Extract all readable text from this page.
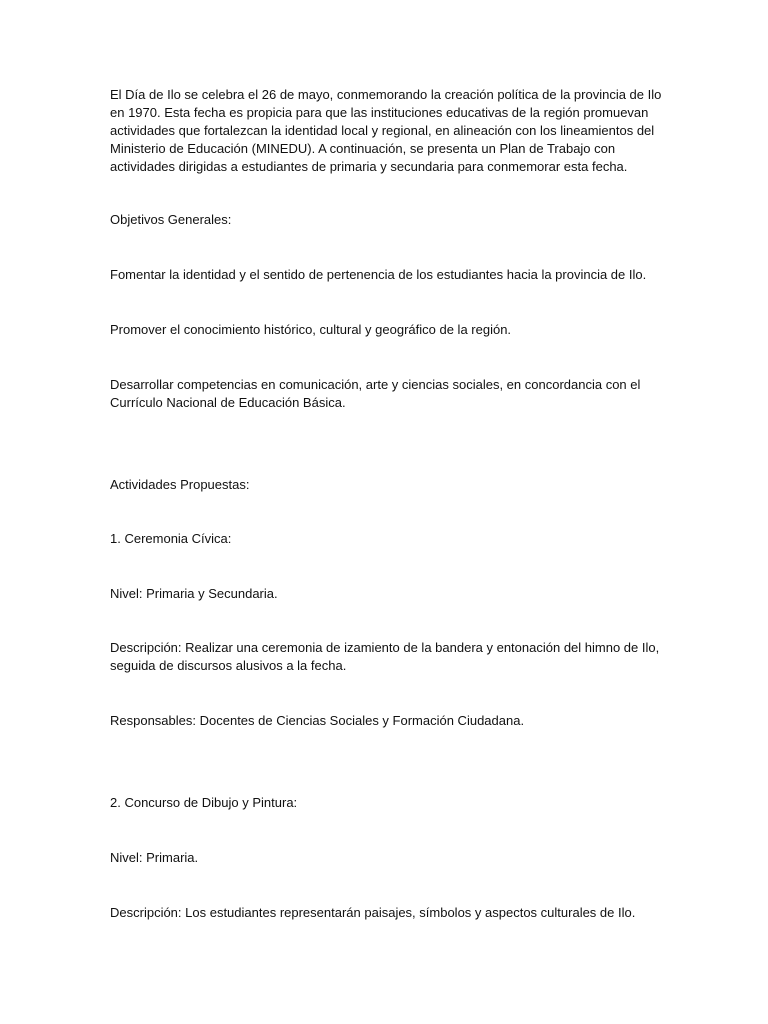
El Día de Ilo se celebra el 26 de mayo, conmemorando la creación política de la provincia de Ilo en 1970. Esta fecha es propicia para que las instituciones educativas de la región promuevan actividades que fortalezcan la identidad local y regional, en alineación con los lineamientos del Ministerio de Educación (MINEDU). A continuación, se presenta un Plan de Trabajo con actividades dirigidas a estudiantes de primaria y secundaria para conmemorar esta fecha.

Objetivos Generales:

Fomentar la identidad y el sentido de pertenencia de los estudiantes hacia la provincia de Ilo.

Promover el conocimiento histórico, cultural y geográfico de la región.

Desarrollar competencias en comunicación, arte y ciencias sociales, en concordancia con el Currículo Nacional de Educación Básica.

Actividades Propuestas:

1. Ceremonia Cívica:

Nivel: Primaria y Secundaria.

Descripción: Realizar una ceremonia de izamiento de la bandera y entonación del himno de Ilo, seguida de discursos alusivos a la fecha.

Responsables: Docentes de Ciencias Sociales y Formación Ciudadana.

2. Concurso de Dibujo y Pintura:

Nivel: Primaria.

Descripción: Los estudiantes representarán paisajes, símbolos y aspectos culturales de Ilo.
